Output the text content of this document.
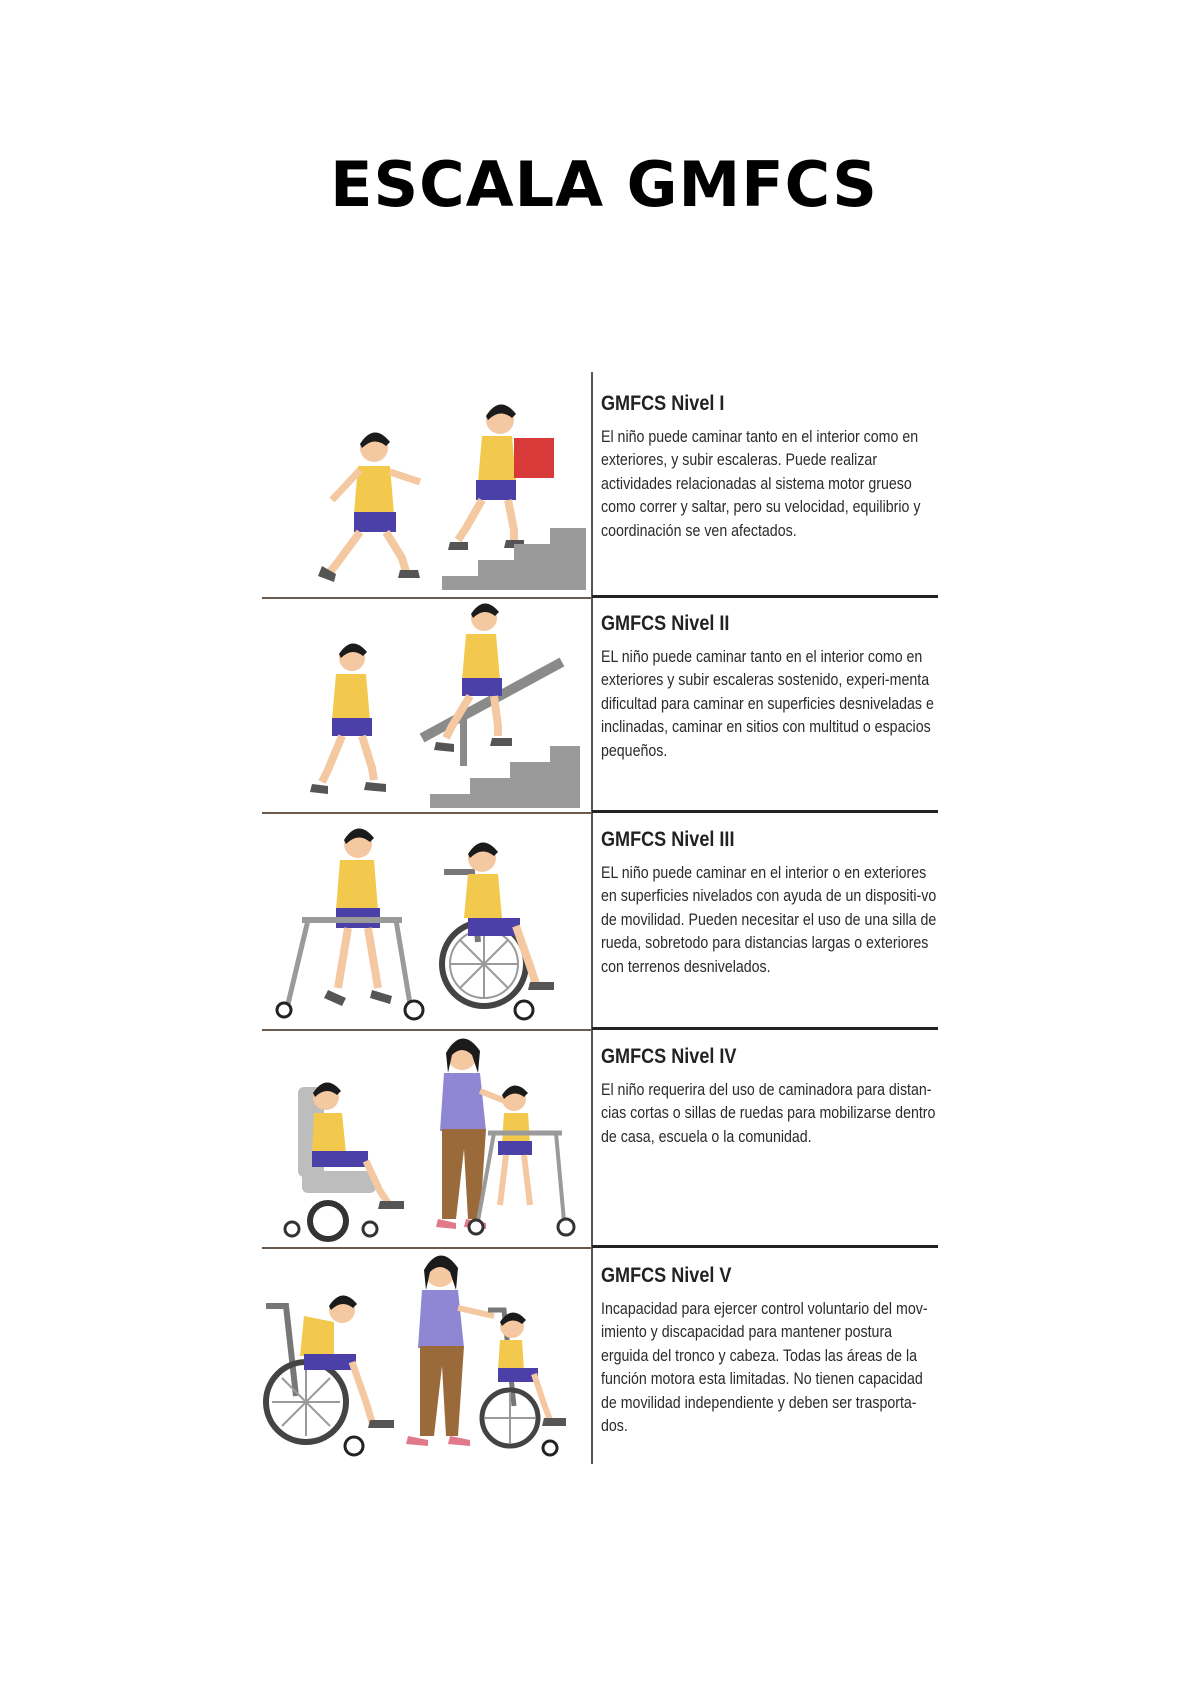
ESCALA GMFCS
GMFCS Nivel I

El niño puede caminar tanto en el interior como en exteriores, y subir escaleras. Puede realizar actividades relacionadas al sistema motor grueso como correr y saltar, pero su velocidad, equilibrio y coordinación se ven afectados.

GMFCS Nivel II

EL niño puede caminar tanto en el interior como en exteriores y subir escaleras sostenido, experi-menta dificultad para caminar en superficies desniveladas e inclinadas, caminar en sitios con multitud o espacios pequeños.

GMFCS Nivel III

EL niño puede caminar en el interior o en exteriores en superficies nivelados con ayuda de un dispositi-vo de movilidad. Pueden necesitar el uso de una silla de rueda, sobretodo para distancias largas o exteriores con terrenos desnivelados.

GMFCS Nivel IV

El niño requerira del uso de caminadora para distan-cias cortas o sillas de ruedas para mobilizarse dentro de casa, escuela o la comunidad.

GMFCS Nivel V

Incapacidad para ejercer control voluntario del mov-imiento y discapacidad para mantener postura erguida del tronco y cabeza. Todas las áreas de la función motora esta limitadas. No tienen capacidad de movilidad independiente y deben ser trasporta-dos.
